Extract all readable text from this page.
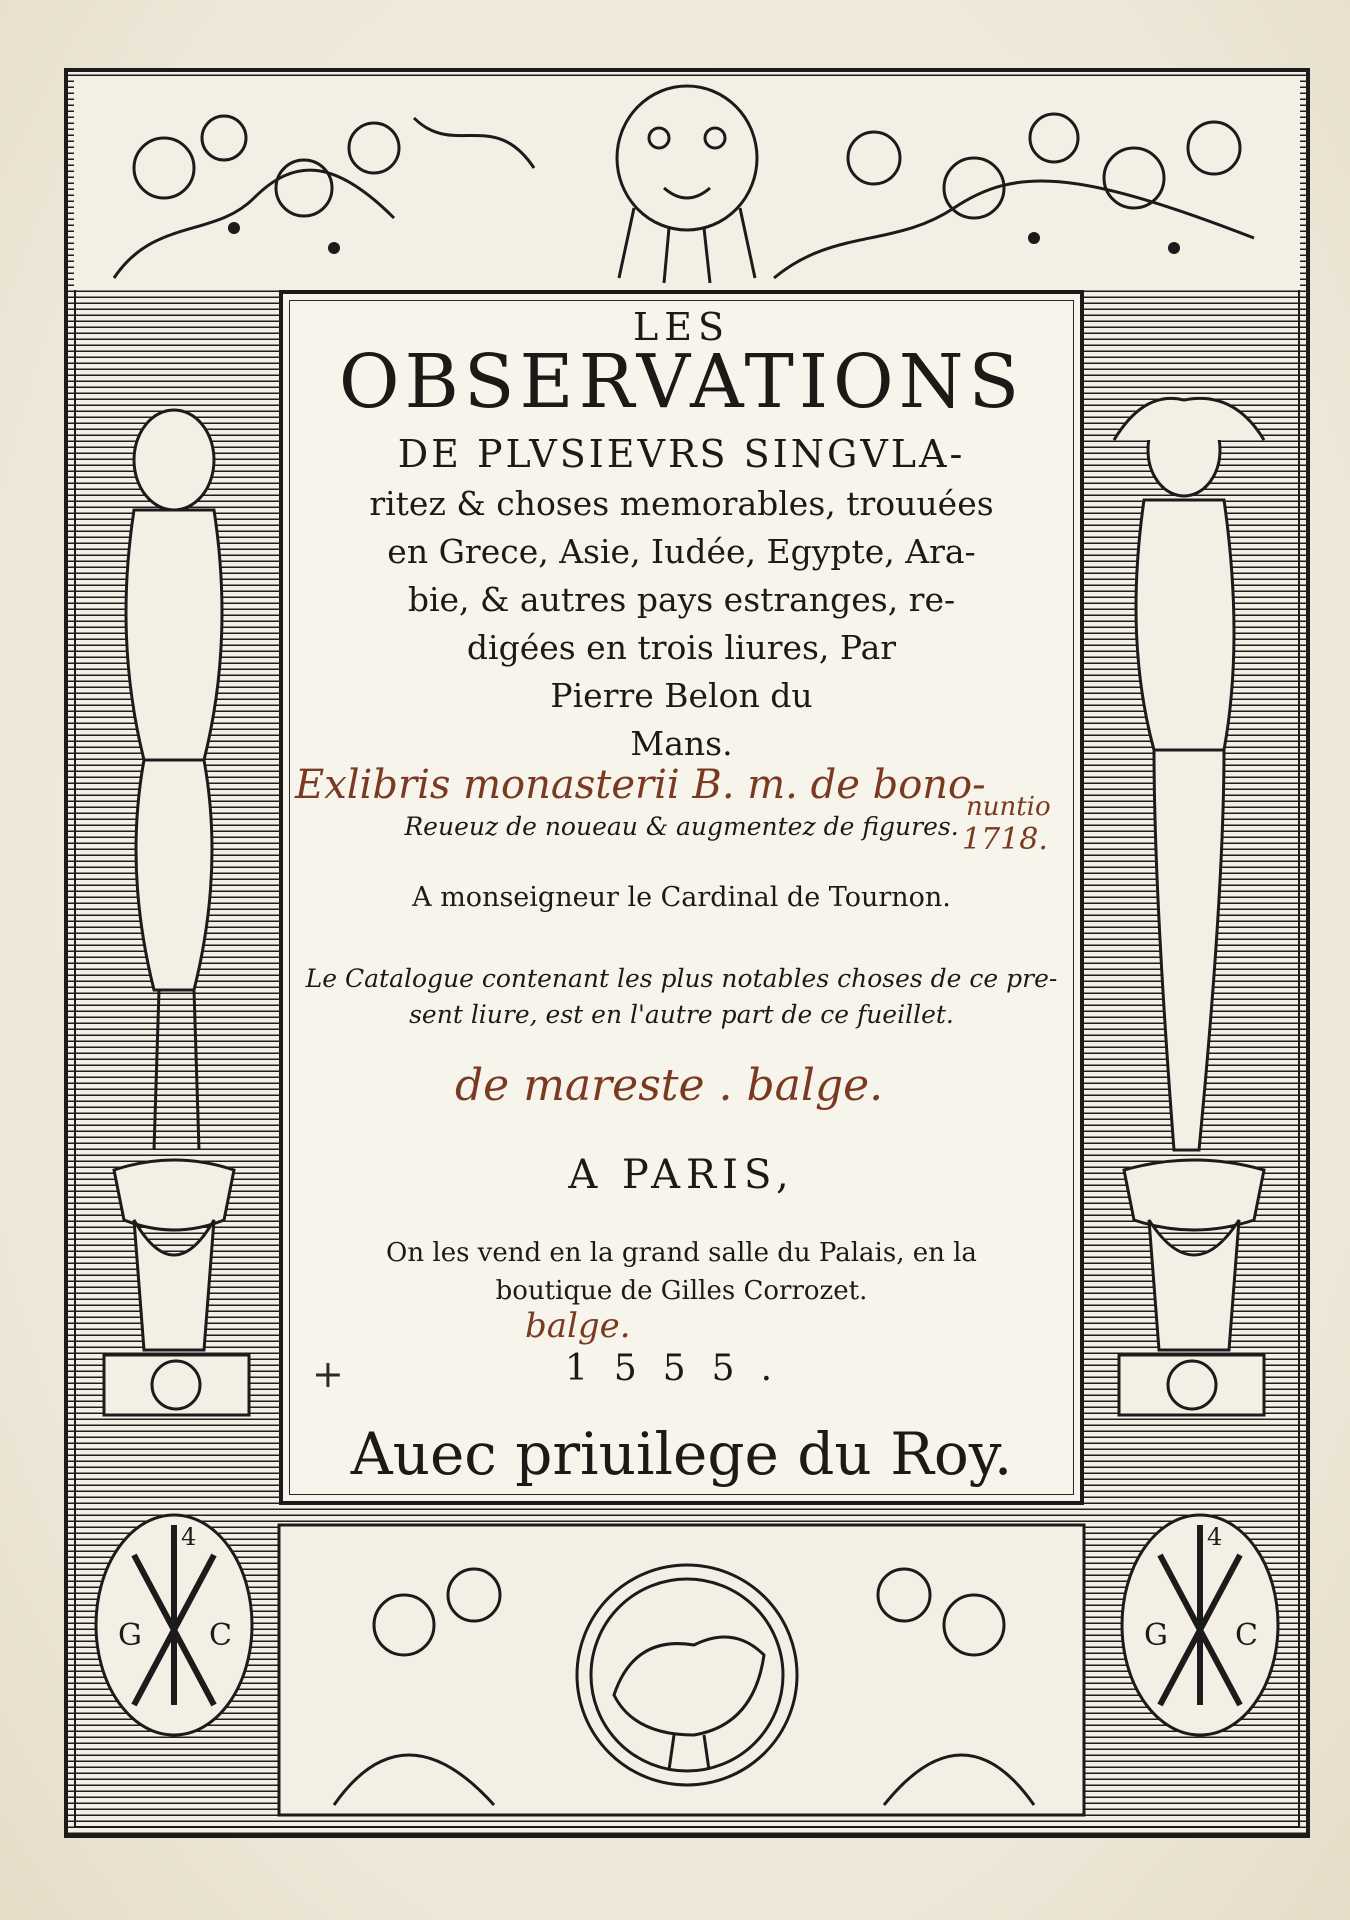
G C	G C
4	4
LES
OBSERVATIONS
DE PLVSIEVRS SINGVLA-
ritez & choses memorables, trouuées
en Grece, Asie, Iudée, Egypte, Ara-
bie, & autres pays estranges, re-
digées en trois liures, Par
Pierre Belon du
Mans.
Reueuz de noueau & augmentez de figures.
A monseigneur le Cardinal de Tournon.
Le Catalogue contenant les plus notables choses de ce pre-
sent liure, est en l'autre part de ce fueillet.
A PARIS,
On les vend en la grand salle du Palais, en la
boutique de Gilles Corrozet.
1555.
Auec priuilege du Roy.
Exlibris monasterii B. m. de bono-
nuntio
1718.
de mareste . balge.
balge.
+
